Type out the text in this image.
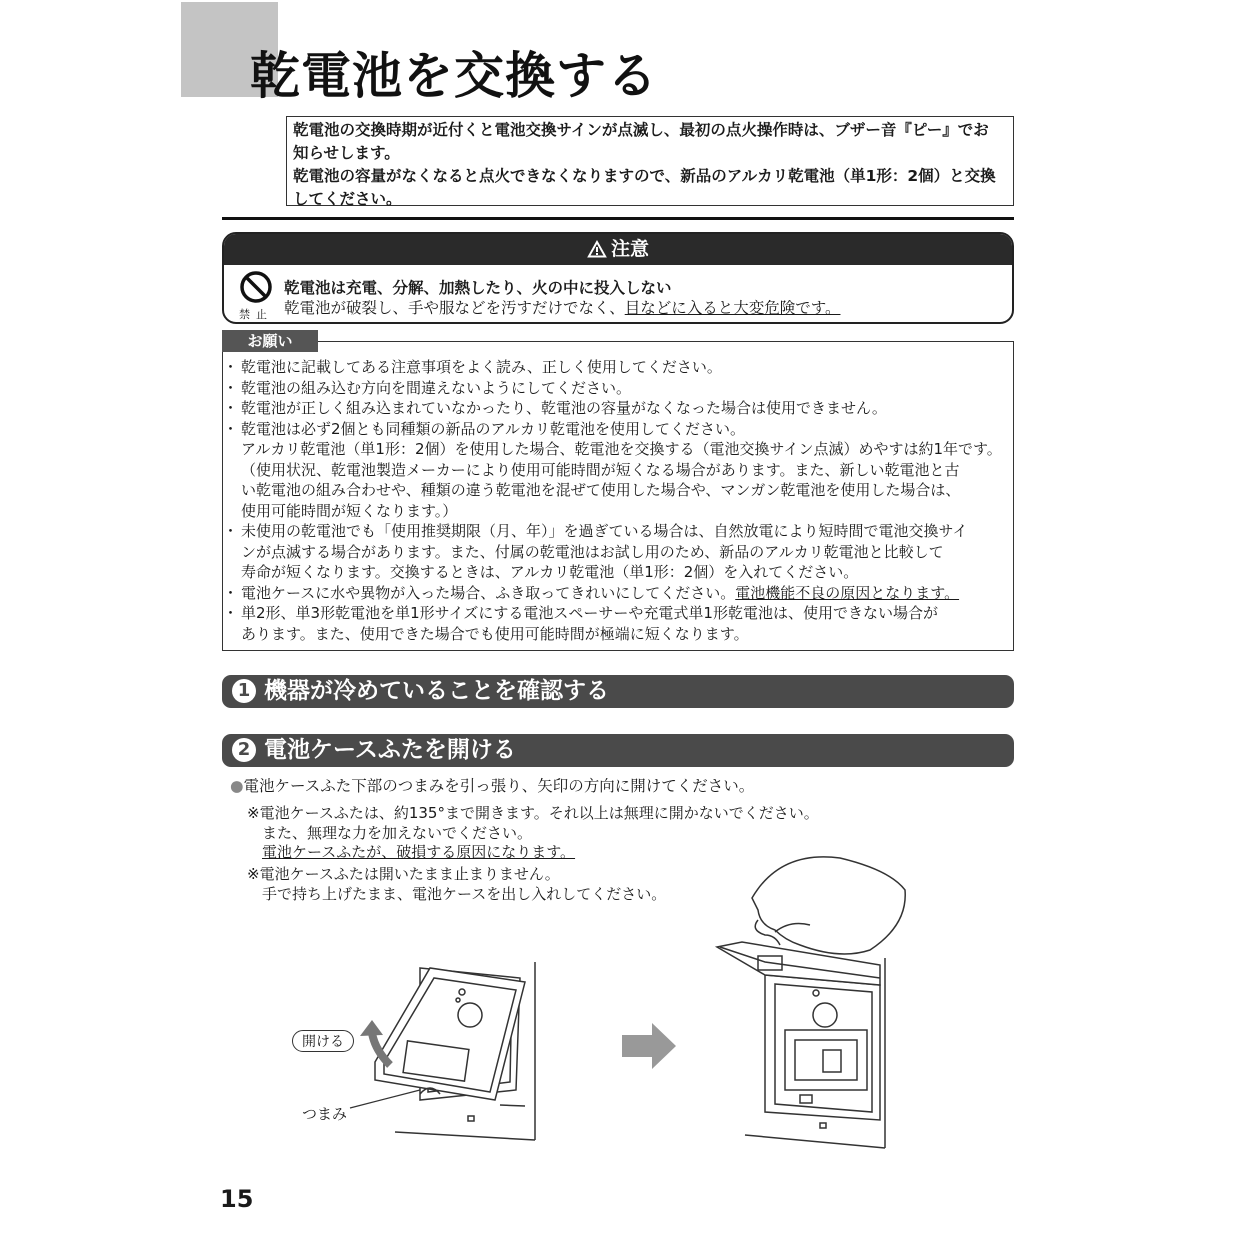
乾電池を交換する

乾電池の交換時期が近付くと電池交換サインが点滅し、最初の点火操作時は、ブザー音『ピー』でお

知らせします。

乾電池の容量がなくなると点火できなくなりますので、新品のアルカリ乾電池（単1形：2個）と交換

してください。

注意
禁止
乾電池は充電、分解、加熱したり、火の中に投入しない
乾電池が破裂し、手や服などを汚すだけでなく、目などに入ると大変危険です。
お願い
・ 乾電池に記載してある注意事項をよく読み、正しく使用してください。
・ 乾電池の組み込む方向を間違えないようにしてください。
・ 乾電池が正しく組み込まれていなかったり、乾電池の容量がなくなった場合は使用できません。
・ 乾電池は必ず2個とも同種類の新品のアルカリ乾電池を使用してください。
アルカリ乾電池（単1形：2個）を使用した場合、乾電池を交換する（電池交換サイン点滅）めやすは約1年です。
（使用状況、乾電池製造メーカーにより使用可能時間が短くなる場合があります。また、新しい乾電池と古
い乾電池の組み合わせや、種類の違う乾電池を混ぜて使用した場合や、マンガン乾電池を使用した場合は、
使用可能時間が短くなります。）
・ 未使用の乾電池でも「使用推奨期限（月、年）」を過ぎている場合は、自然放電により短時間で電池交換サイ
ンが点滅する場合があります。また、付属の乾電池はお試し用のため、新品のアルカリ乾電池と比較して
寿命が短くなります。交換するときは、アルカリ乾電池（単1形：2個）を入れてください。
・ 電池ケースに水や異物が入った場合、ふき取ってきれいにしてください。電池機能不良の原因となります。
・ 単2形、単3形乾電池を単1形サイズにする電池スペーサーや充電式単1形乾電池は、使用できない場合が
あります。また、使用できた場合でも使用可能時間が極端に短くなります。
1 機器が冷めていることを確認する
2 電池ケースふたを開ける
●電池ケースふた下部のつまみを引っ張り、矢印の方向に開けてください。
※電池ケースふたは、約135°まで開きます。それ以上は無理に開かないでください。
また、無理な力を加えないでください。
電池ケースふたが、破損する原因になります。
※電池ケースふたは開いたまま止まりません。
手で持ち上げたまま、電池ケースを出し入れしてください。
開ける
つまみ
15
